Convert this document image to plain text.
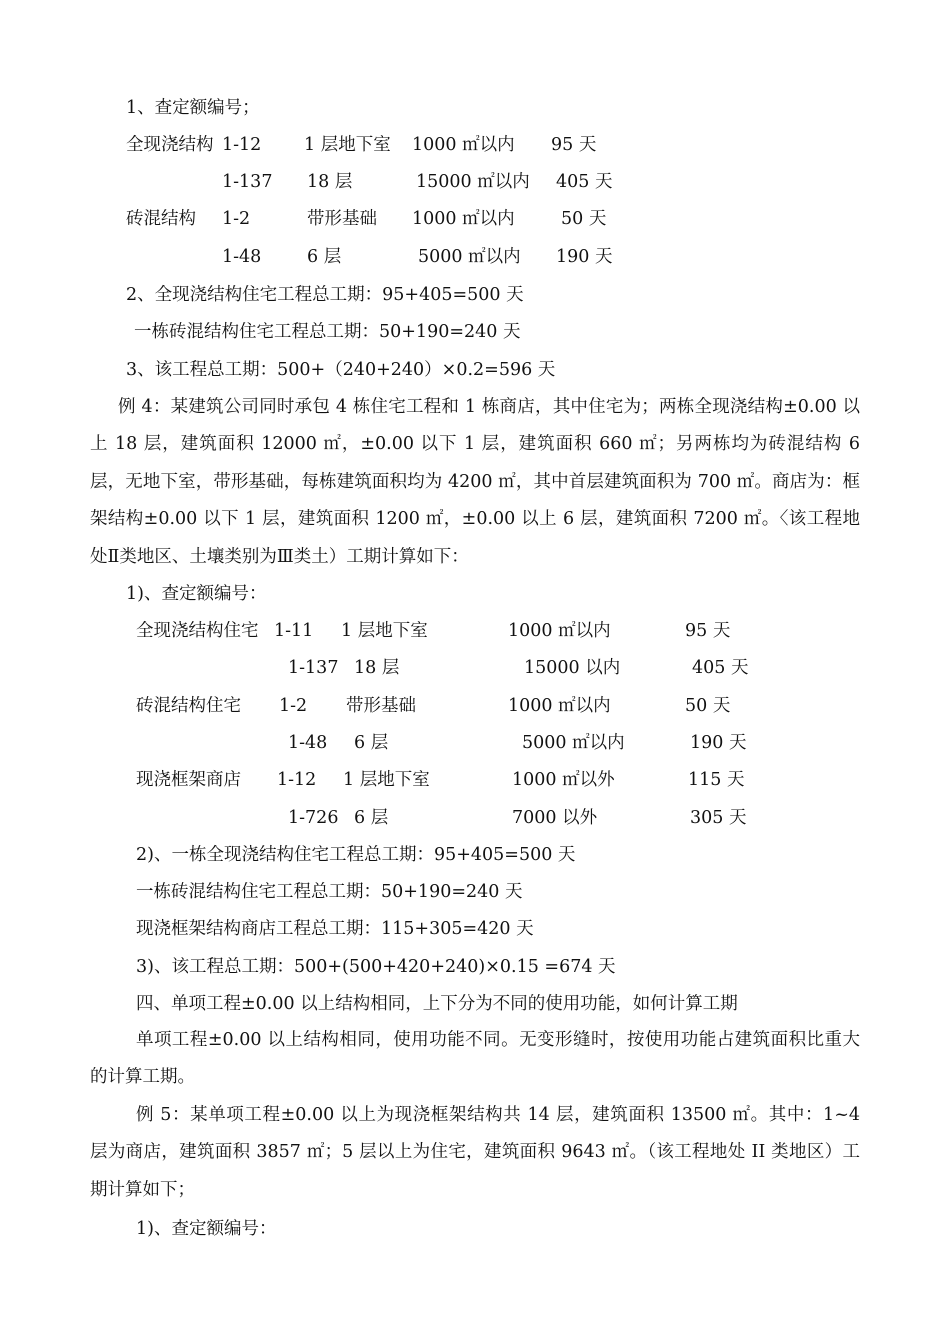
1、查定额编号；
全现浇结构 1-12 1 层地下室 1000 ㎡以内 95 天
1-137 18 层	15000 ㎡以内 405 天
砖混结构 1-2	带形基础 1000 ㎡以内	50 天
1-48	6 层	5000 ㎡以内 190 天
2、全现浇结构住宅工程总工期：95+405=500 天
一栋砖混结构住宅工程总工期：50+190=240 天
3、该工程总工期：500+（240+240）×0.2=596 天
例 4：某建筑公司同时承包 4 栋住宅工程和 1 栋商店，其中住宅为；两栋全现浇结构±0.00 以上 18 层，建筑面积 12000 ㎡，±0.00 以下 1 层，建筑面积 660 ㎡；另两栋均为砖混结构 6 层，无地下室，带形基础，每栋建筑面积均为 4200 ㎡，其中首层建筑面积为 700 ㎡。商店为：框架结构±0.00 以下 1 层，建筑面积 1200 ㎡，±0.00 以上 6 层，建筑面积 7200 ㎡。〈该工程地处Ⅱ类地区、土壤类别为Ⅲ类土）工期计算如下：
1)、查定额编号：
全现浇结构住宅 1-11 1 层地下室	1000 ㎡以内	95 天
1-137 18 层	15000 以内	405 天
砖混结构住宅 1-2 带形基础	1000 ㎡以内	50 天
1-48 6 层	5000 ㎡以内	190 天
现浇框架商店 1-12 1 层地下室	1000 ㎡以外	115 天
1-726 6 层	7000 以外	305 天
2)、一栋全现浇结构住宅工程总工期：95+405=500 天
一栋砖混结构住宅工程总工期：50+190=240 天
现浇框架结构商店工程总工期：115+305=420 天
3)、该工程总工期：500+(500+420+240)×0.15 =674 天
四、单项工程±0.00 以上结构相同，上下分为不同的使用功能，如何计算工期
单项工程±0.00 以上结构相同，使用功能不同。无变形缝时，按使用功能占建筑面积比重大的计算工期。
例 5：某单项工程±0.00 以上为现浇框架结构共 14 层，建筑面积 13500 ㎡。其中：1~4 层为商店，建筑面积 3857 ㎡；5 层以上为住宅，建筑面积 9643 ㎡。（该工程地处 II 类地区）工期计算如下；
1)、查定额编号：
